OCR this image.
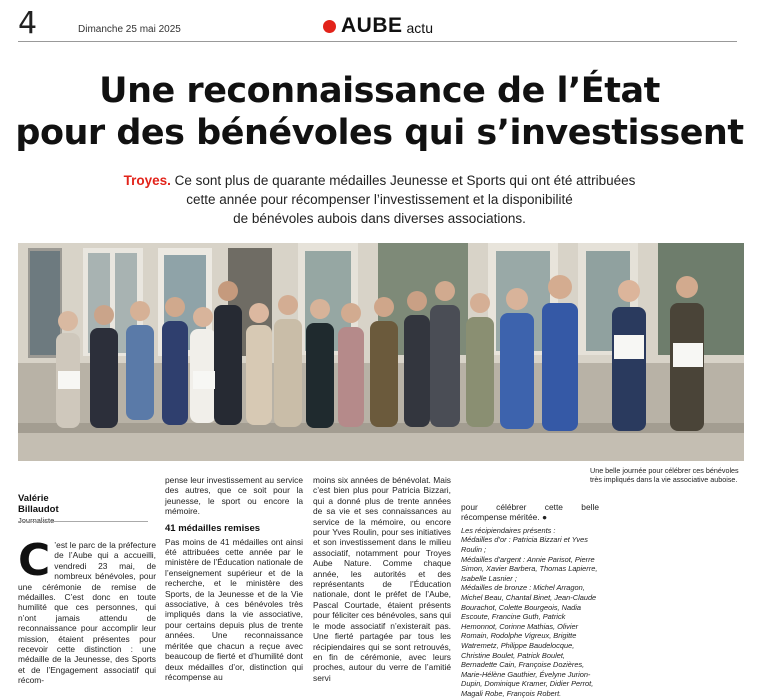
4	Dimanche 25 mai 2025	AUBE actu
Une reconnaissance de l’État
pour des bénévoles qui s’investissent
Troyes. Ce sont plus de quarante médailles Jeunesse et Sports qui ont été attribuées
cette année pour récompenser l’investissement et la disponibilité
de bénévoles aubois dans diverses associations.
Une belle journée pour célébrer ces bénévoles très impliqués dans la vie associative auboise.
Valérie
Billaudot
Journaliste
C ’est le parc de la préfecture de l’Aube qui a accueilli, vendredi 23 mai, de nombreux bénévoles, pour une cérémonie de remise de médailles. C’est donc en toute humilité que ces personnes, qui n’ont jamais attendu de reconnaissance pour accomplir leur mission, étaient présentes pour recevoir cette distinction : une médaille de la Jeunesse, des Sports et de l’Engagement associatif qui récom-
pense leur investissement au service des autres, que ce soit pour la jeunesse, le sport ou encore la mémoire.
41 médailles remises
Pas moins de 41 médailles ont ainsi été attribuées cette année par le ministère de l’Éducation nationale de l’enseignement supérieur et de la recherche, et le ministère des Sports, de la Jeunesse et de la Vie associative, à ces bénévoles très impliqués dans la vie associative, pour certains depuis plus de trente années. Une reconnaissance méritée que chacun a reçue avec beaucoup de fierté et d’humilité dont deux médailles d’or, distinction qui récompense au
moins six années de bénévolat. Mais c’est bien plus pour Patricia Bizzari, qui a donné plus de trente années de sa vie et ses connaissances au service de la mémoire, ou encore pour Yves Roulin, pour ses initiatives et son investissement dans le milieu associatif, notamment pour Troyes Aube Nature. Comme chaque année, les autorités et des représentants de l’Éducation nationale, dont le préfet de l’Aube, Pascal Courtade, étaient présents pour féliciter ces bénévoles, sans qui le mode associatif n’existerait pas. Une fierté partagée par tous les récipiendaires qui se sont retrouvés, en fin de cérémonie, avec leurs proches, autour du verre de l’amitié servi
pour célébrer cette belle récompense méritée. ●

Les récipiendaires présents :

Médailles d’or : Patricia Bizzari et Yves Roulin ;

Médailles d’argent : Annie Parisot, Pierre Simon, Xavier Barbera, Thomas Lapierre, Isabelle Lasnier ;

Médailles de bronze : Michel Arragon, Michel Beau, Chantal Binet, Jean-Claude Bourachot, Colette Bourgeois, Nadia Escoute, Francine Guth, Patrick Hemonnot, Corinne Mathias, Olivier Romain, Rodolphe Vigreux, Brigitte Watremetz, Philippe Baudelocque, Christine Boulet, Patrick Boulet, Bernadette Cain, Françoise Dozières, Marie-Hélène Gauthier, Évelyne Jurion-Dupin, Dominique Kramer, Didier Perrot, Magali Robe, François Robert.
